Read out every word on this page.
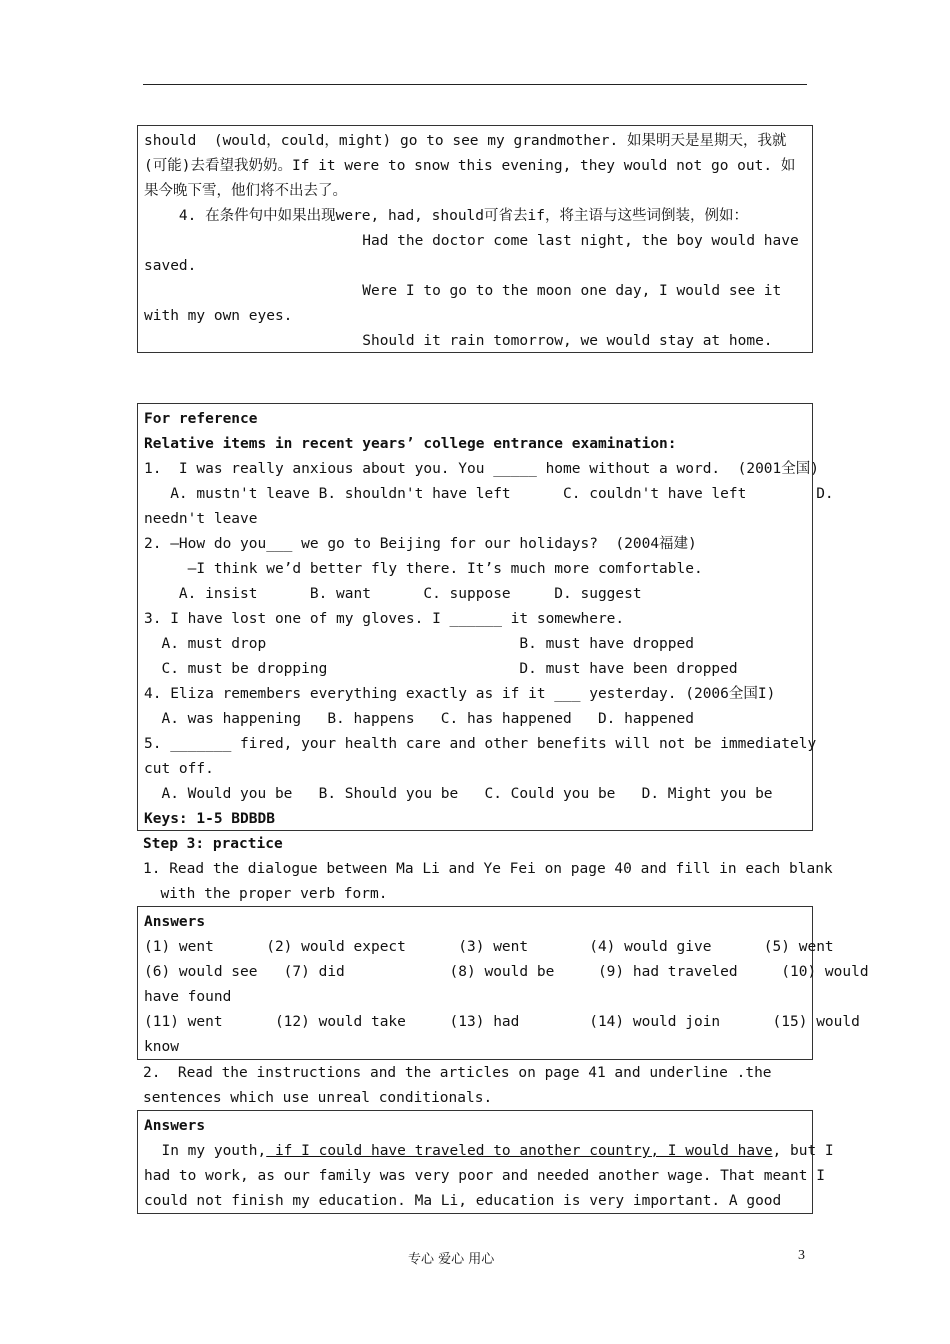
should  (would，could，might) go to see my grandmother. 如果明天是星期天，我就
(可能)去看望我奶奶。If it were to snow this evening, they would not go out. 如
果今晚下雪，他们将不出去了。
4. 在条件句中如果出现were, had, should可省去if，将主语与这些词倒装，例如：
Had the doctor come last night, the boy would have
saved.
Were I to go to the moon one day, I would see it
with my own eyes.
Should it rain tomorrow, we would stay at home.
For reference
Relative items in recent years’ college entrance examination:
1.  I was really anxious about you. You _____ home without a word.  (2001全国)
A. mustn't leave B. shouldn't have left      C. couldn't have left        D.
needn't leave
2. —How do you___ we go to Beijing for our holidays?  (2004福建)
—I think we’d better fly there. It’s much more comfortable.
A. insist      B. want      C. suppose     D. suggest
3. I have lost one of my gloves. I ______ it somewhere.
A. must drop                             B. must have dropped
C. must be dropping                      D. must have been dropped
4. Eliza remembers everything exactly as if it ___ yesterday. (2006全国I)
A. was happening   B. happens   C. has happened   D. happened
5. _______ fired, your health care and other benefits will not be immediately
cut off.
A. Would you be   B. Should you be   C. Could you be   D. Might you be
Keys: 1-5 BDBDB
Step 3: practice
1. Read the dialogue between Ma Li and Ye Fei on page 40 and fill in each blank
with the proper verb form.
Answers
(1) went      (2) would expect      (3) went       (4) would give      (5) went
(6) would see   (7) did            (8) would be     (9) had traveled     (10) would
have found
(11) went      (12) would take     (13) had        (14) would join      (15) would
know
2.  Read the instructions and the articles on page 41 and underline .the
sentences which use unreal conditionals.
Answers
In my youth, if I could have traveled to another country, I would have, but I
had to work, as our family was very poor and needed another wage. That meant I
could not finish my education. Ma Li, education is very important. A good
专心 爱心 用心	3
